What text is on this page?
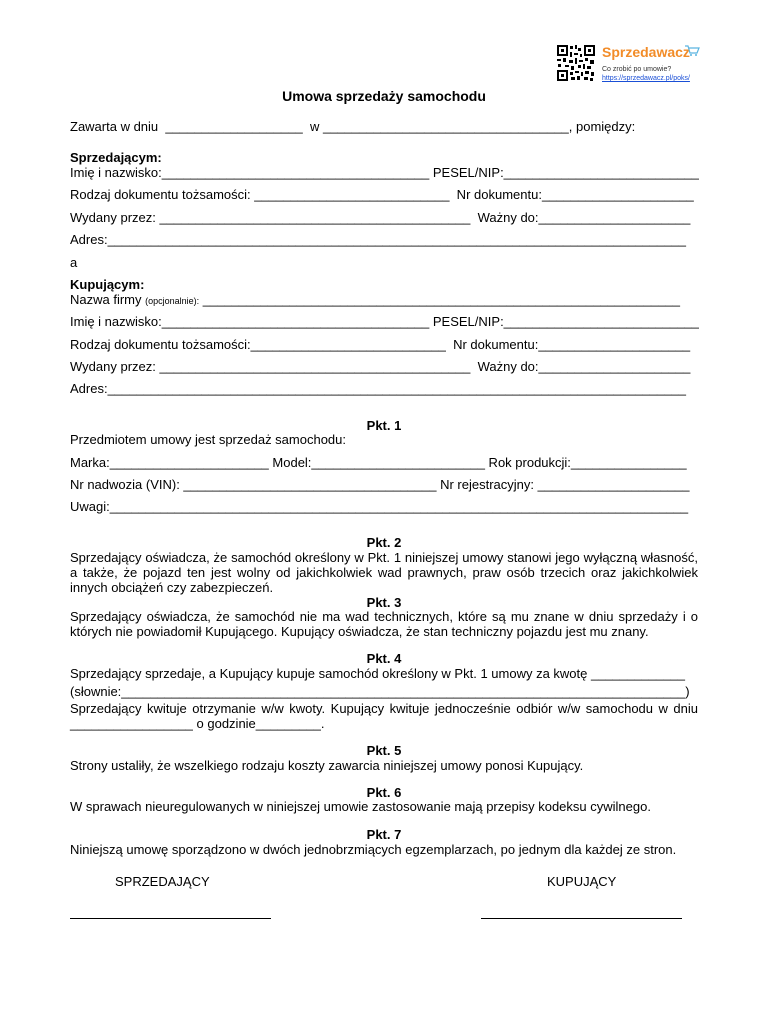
Sprzedawacz
Co zrobić po umowie?
https://sprzedawacz.pl/poks/
Umowa sprzedaży samochodu
Zawarta w dniu  ___________________  w __________________________________, pomiędzy:
Sprzedającym:
Imię i nazwisko:_____________________________________ PESEL/NIP:___________________________
Rodzaj dokumentu tożsamości: ___________________________  Nr dokumentu:_____________________
Wydany przez: ___________________________________________  Ważny do:_____________________
Adres:________________________________________________________________________________
a
Kupującym:
Nazwa firmy (opcjonalnie): __________________________________________________________________
Imię i nazwisko:_____________________________________ PESEL/NIP:___________________________
Rodzaj dokumentu tożsamości:___________________________  Nr dokumentu:_____________________
Wydany przez: ___________________________________________  Ważny do:_____________________
Adres:________________________________________________________________________________
Pkt. 1
Przedmiotem umowy jest sprzedaż samochodu:
Marka:______________________ Model:________________________ Rok produkcji:________________
Nr nadwozia (VIN): ___________________________________ Nr rejestracyjny: _____________________
Uwagi:________________________________________________________________________________
Pkt. 2
Sprzedający oświadcza, że samochód określony w Pkt. 1 niniejszej umowy stanowi jego wyłączną własność, a także, że pojazd ten jest wolny od jakichkolwiek wad prawnych, praw osób trzecich oraz jakichkolwiek innych obciążeń czy zabezpieczeń.
Pkt. 3
Sprzedający oświadcza, że samochód nie ma wad technicznych, które są mu znane w dniu sprzedaży i o których nie powiadomił Kupującego. Kupujący oświadcza, że stan techniczny pojazdu jest mu znany.
Pkt. 4
Sprzedający sprzedaje, a Kupujący kupuje samochód określony w Pkt. 1 umowy za kwotę _____________
(słownie:______________________________________________________________________________)
Sprzedający kwituje otrzymanie w/w kwoty. Kupujący kwituje jednocześnie odbiór w/w samochodu w dniu _________________ o godzinie_________.
Pkt. 5
Strony ustaliły, że wszelkiego rodzaju koszty zawarcia niniejszej umowy ponosi Kupujący.
Pkt. 6
W sprawach nieuregulowanych w niniejszej umowie zastosowanie mają przepisy kodeksu cywilnego.
Pkt. 7
Niniejszą umowę sporządzono w dwóch jednobrzmiących egzemplarzach, po jednym dla każdej ze stron.
SPRZEDAJĄCY	KUPUJĄCY
